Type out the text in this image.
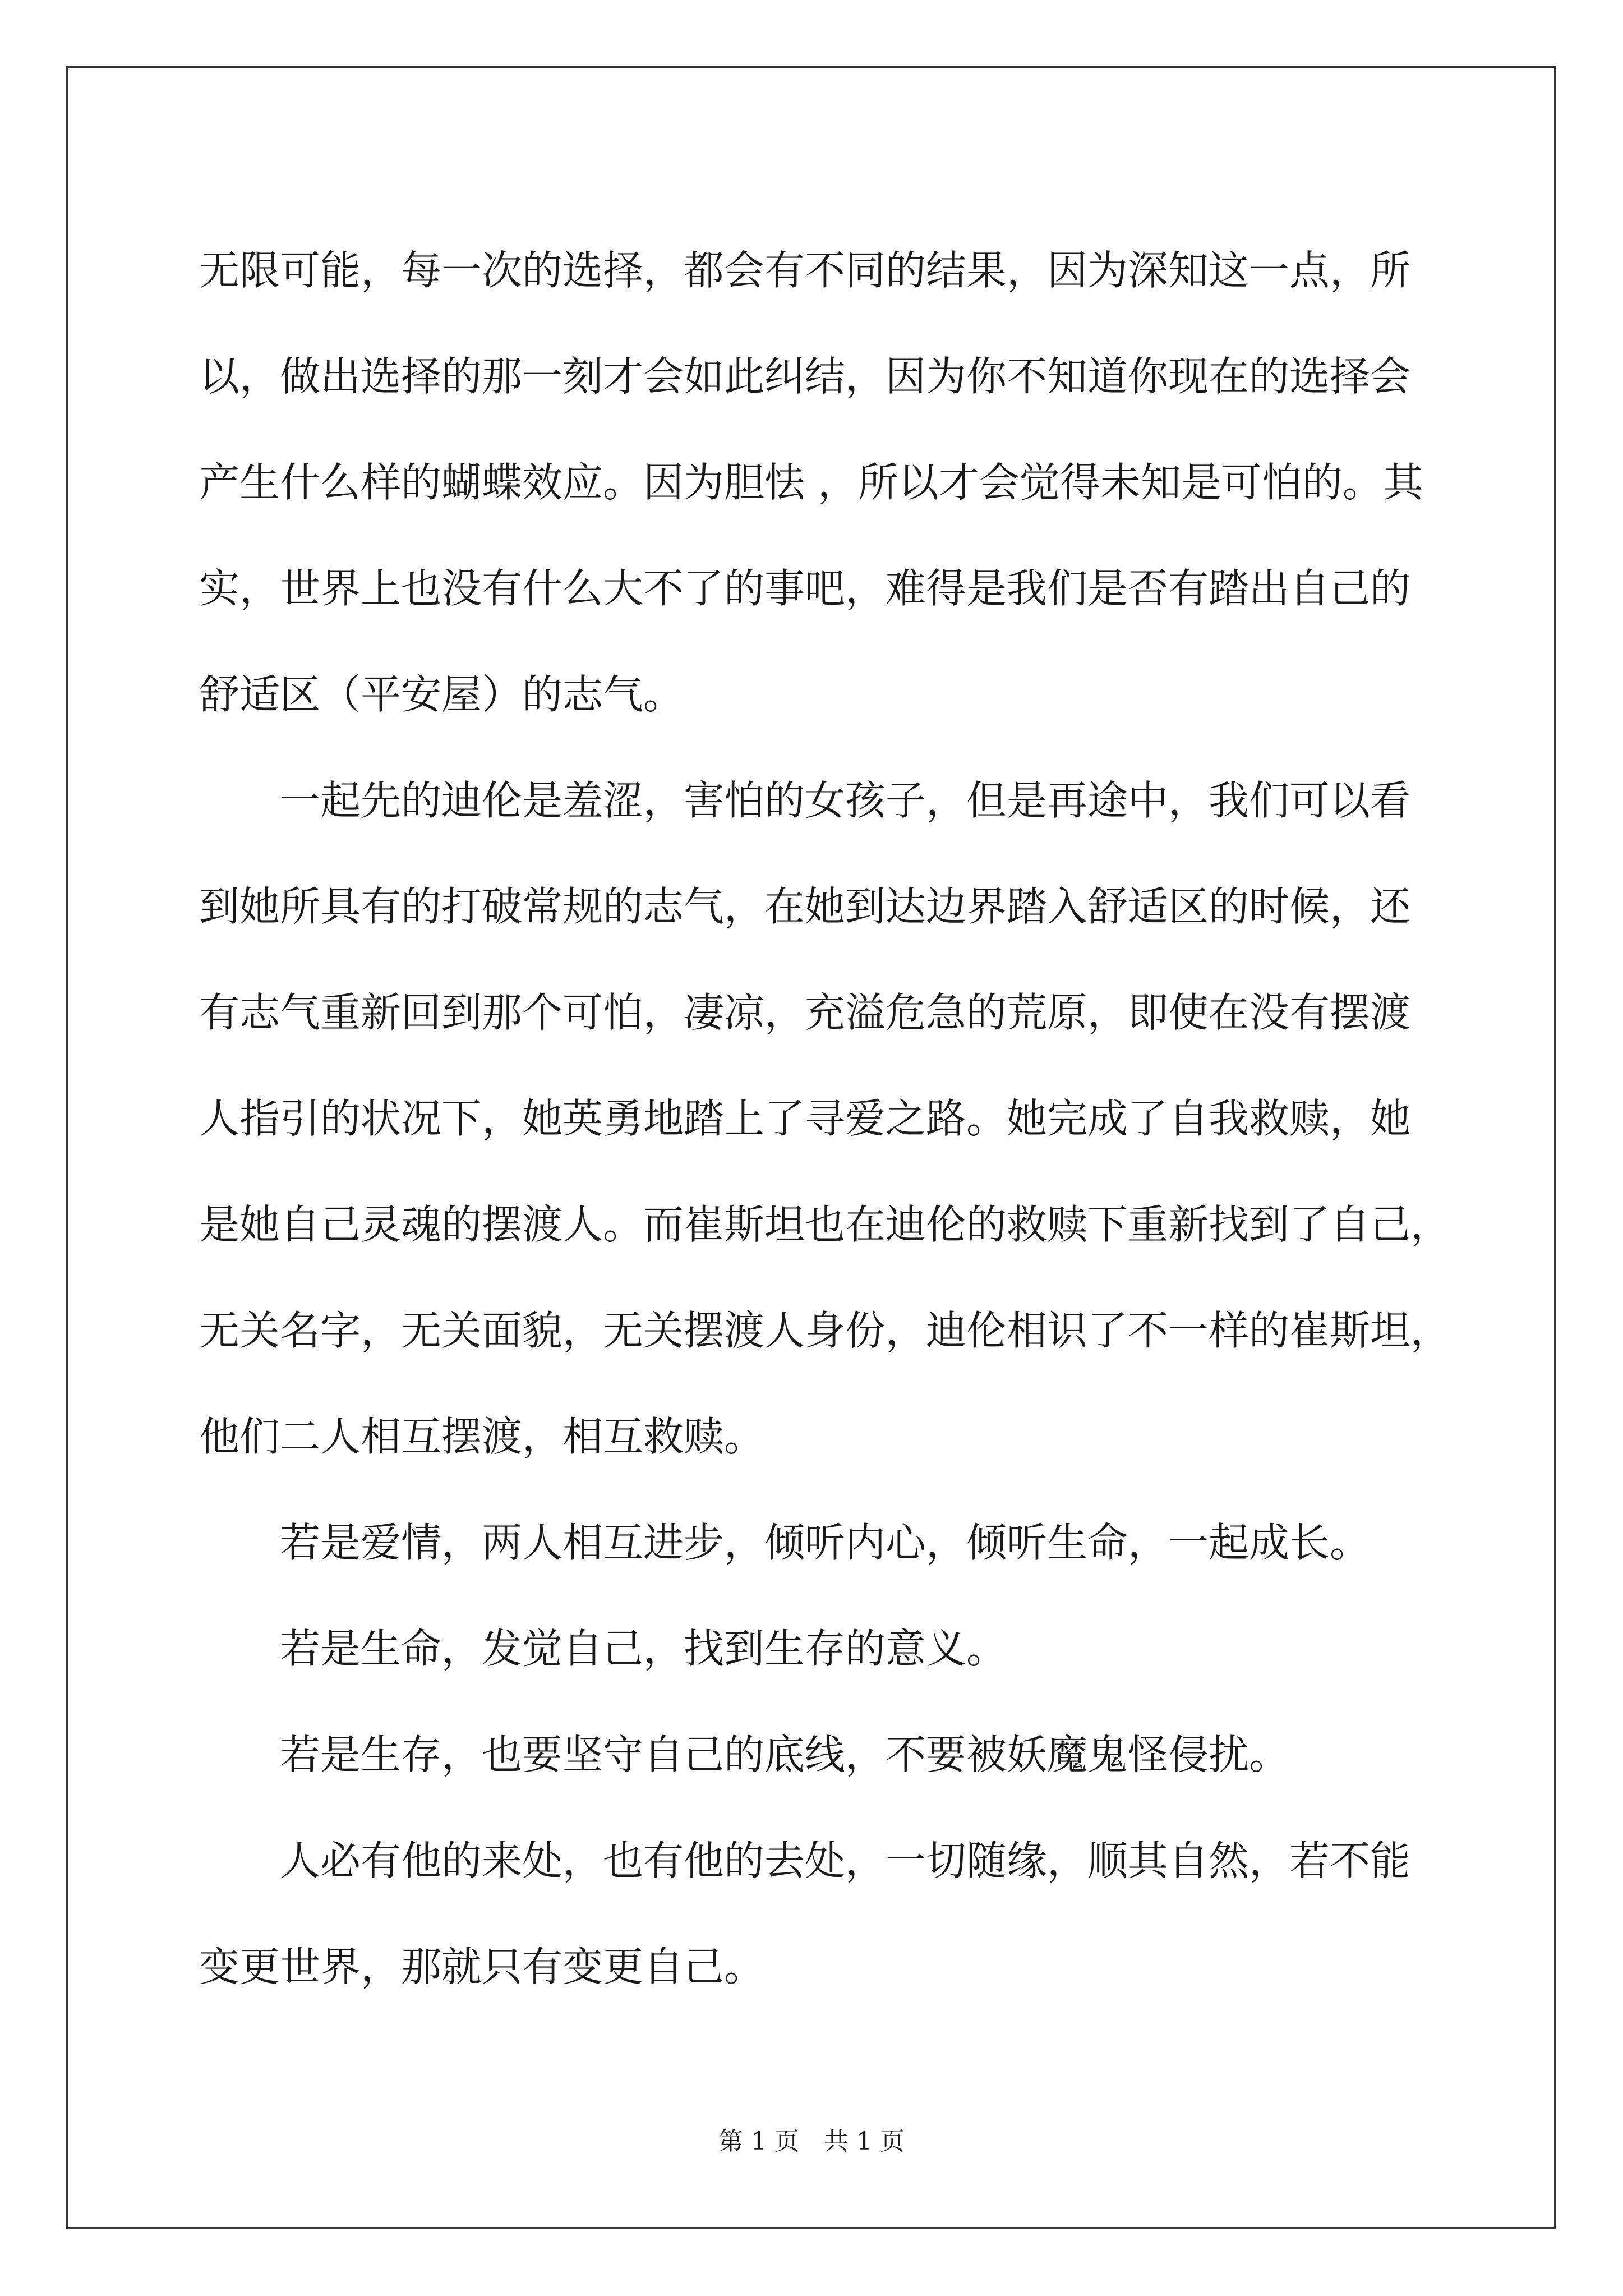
无限可能，每一次的选择，都会有不同的结果，因为深知这一点，所
以，做出选择的那一刻才会如此纠结，因为你不知道你现在的选择会
产生什么样的蝴蝶效应。因为胆怯 ，所以才会觉得未知是可怕的。其
实，世界上也没有什么大不了的事吧，难得是我们是否有踏出自己的
舒适区（平安屋）的志气。

一起先的迪伦是羞涩，害怕的女孩子，但是再途中，我们可以看
到她所具有的打破常规的志气，在她到达边界踏入舒适区的时候，还
有志气重新回到那个可怕，凄凉，充溢危急的荒原，即使在没有摆渡
人指引的状况下，她英勇地踏上了寻爱之路。她完成了自我救赎，她
是她自己灵魂的摆渡人。而崔斯坦也在迪伦的救赎下重新找到了自己，
无关名字，无关面貌，无关摆渡人身份，迪伦相识了不一样的崔斯坦，
他们二人相互摆渡，相互救赎。

若是爱情，两人相互进步，倾听内心，倾听生命，一起成长。

若是生命，发觉自己，找到生存的意义。

若是生存，也要坚守自己的底线，不要被妖魔鬼怪侵扰。

人必有他的来处，也有他的去处，一切随缘，顺其自然，若不能
变更世界，那就只有变更自己。

第 1 页　共 1 页
